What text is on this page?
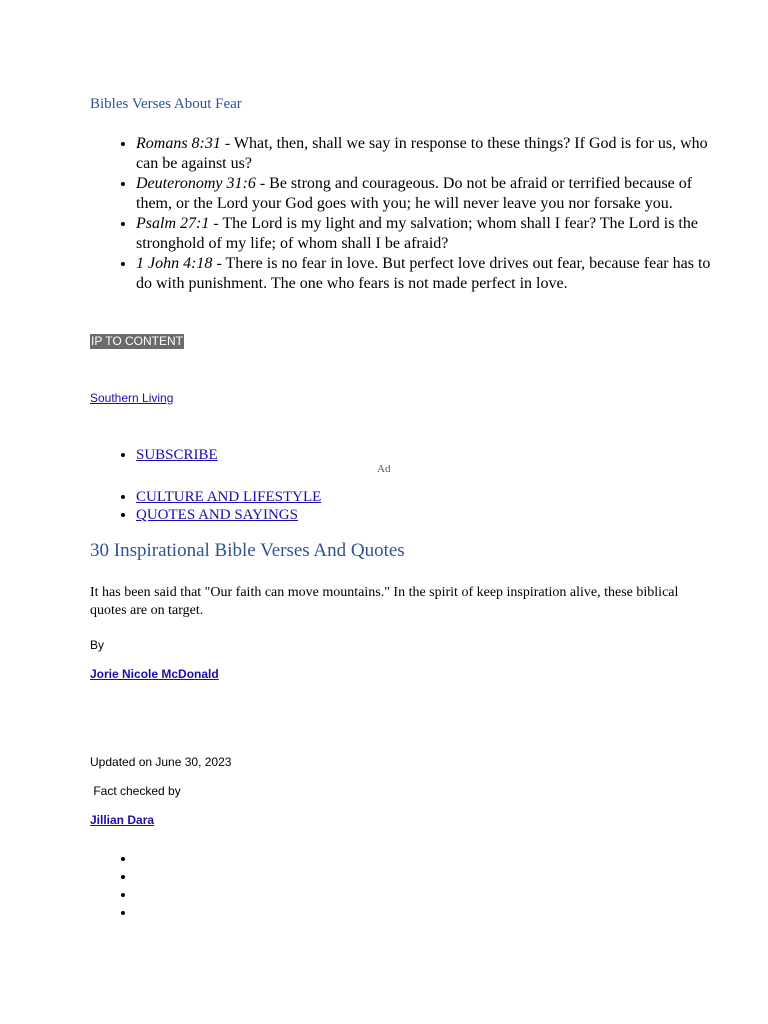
Bibles Verses About Fear
• Romans 8:31 - What, then, shall we say in response to these things? If God is for us, who can be against us?
• Deuteronomy 31:6 - Be strong and courageous. Do not be afraid or terrified because of them, or the Lord your God goes with you; he will never leave you nor forsake you.
• Psalm 27:1 - The Lord is my light and my salvation; whom shall I fear? The Lord is the stronghold of my life; of whom shall I be afraid?
• 1 John 4:18 - There is no fear in love. But perfect love drives out fear, because fear has to do with punishment. The one who fears is not made perfect in love.
IP TO CONTENT
Southern Living
• SUBSCRIBE
Ad
• CULTURE AND LIFESTYLE
• QUOTES AND SAYINGS
30 Inspirational Bible Verses And Quotes
It has been said that "Our faith can move mountains." In the spirit of keep inspiration alive, these biblical quotes are on target.
By
Jorie Nicole McDonald
Updated on June 30, 2023
Fact checked by
Jillian Dara
